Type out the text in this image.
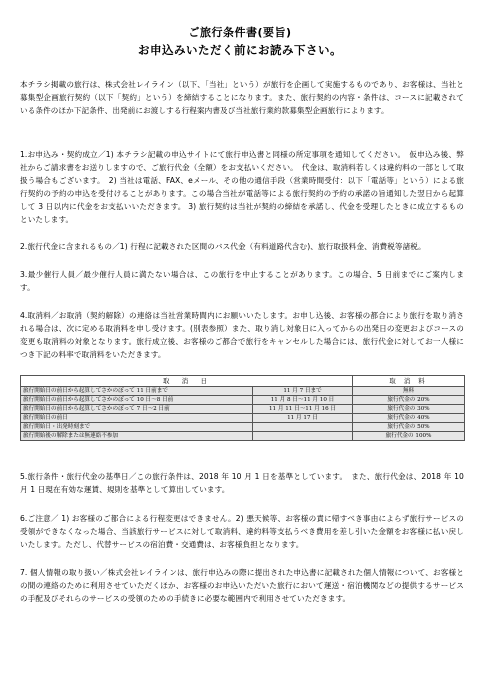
ご旅行条件書(要旨)
お申込みいただく前にお読み下さい。
本チラシ掲載の旅行は、株式会社レイライン（以下、「当社」という）が旅行を企画して実施するものであり、お客様は、当社と募集型企画旅行契約（以下「契約」という）を締結することになります。また、旅行契約の内容・条件は、コースに記載されている条件のほか下記条件、出発前にお渡しする行程案内書及び当社旅行業約款募集型企画旅行によります。
1.お申込み・契約成立／1) 本チラシ記載の申込サイトにて旅行申込書と同様の所定事項を通知してください。　仮申込み後、弊社からご請求書をお送りしますので、ご旅行代金（全額）をお支払いください。　代金は、取消料若しくは違約料の一部として取扱う場合もございます。　2) 当社は電話、FAX、eメール、その他の通信手段（営業時間受付：以下「電話等」という）による旅行契約の予約の申込を受付けることがあります。この場合当社が電話等による旅行契約の予約の承諾の旨通知した翌日から起算して 3 日以内に代金をお支払いいただきます。 3) 旅行契約は当社が契約の締結を承諾し、代金を受理したときに成立するものといたします。
2.旅行代金に含まれるもの／1) 行程に記載された区間のバス代金（有料道路代含む)、旅行取扱料金、消費税等諸税。
3.最少催行人員／最少催行人員に満たない場合は、この旅行を中止することがあります。この場合、5 日前までにご案内します。
4.取消料／お取消（契約解除）の連絡は当社営業時間内にお願いいたします。お申し込後、お客様の都合により旅行を取り消される場合は、次に定める取消料を申し受けます。(別表参照）また、取り消し対象日に入ってからの出発日の変更およびコースの変更も取消料の対象となります。旅行成立後、お客様のご都合で旅行をキャンセルした場合には、旅行代金に対してお一人様につき下記の料率で取消料をいただきます。
取　消　日		取 消 料
旅行開始日の前日から起算してさかのぼって 11 日前まで	11 月 7 日まで	無料
旅行開始日の前日から起算してさかのぼって 10 日～8 日前	11 月 8 日～11 月 10 日	旅行代金の 20%
旅行開始日の前日から起算してさかのぼって 7 日～2 日前	11 月 11 日～11 月 16 日	旅行代金の 30%
旅行開始日の前日	11 月 17 日	旅行代金の 40%
旅行開始日・出発時刻まで		旅行代金の 50%
旅行開始後の解除または無連絡不参加		旅行代金の 100%
5.旅行条件・旅行代金の基準日／この旅行条件は、2018 年 10 月 1 日を基準としています。　また、旅行代金は、2018 年 10 月 1 日現在有効な運賃、規則を基準として算出しています。
6.ご注意／ 1) お客様のご都合による行程変更はできません。2) 悪天候等、お客様の責に帰すべき事由によらず旅行サービスの受領ができなくなった場合、当該旅行サービスに対して取消料、違約料等支払うべき費用を差し引いた金額をお客様に払い戻しいたします。ただし、代替サービスの宿泊費・交通費は、お客様負担となります。
7. 個人情報の取り扱い／株式会社レイラインは、旅行申込みの際に提出された申込書に記載された個人情報について、お客様との間の連絡のために利用させていただくほか、お客様のお申込いただいた旅行において運送・宿泊機関などの提供するサービスの手配及びそれらのサービスの受領のための手続きに必要な範囲内で利用させていただきます。
